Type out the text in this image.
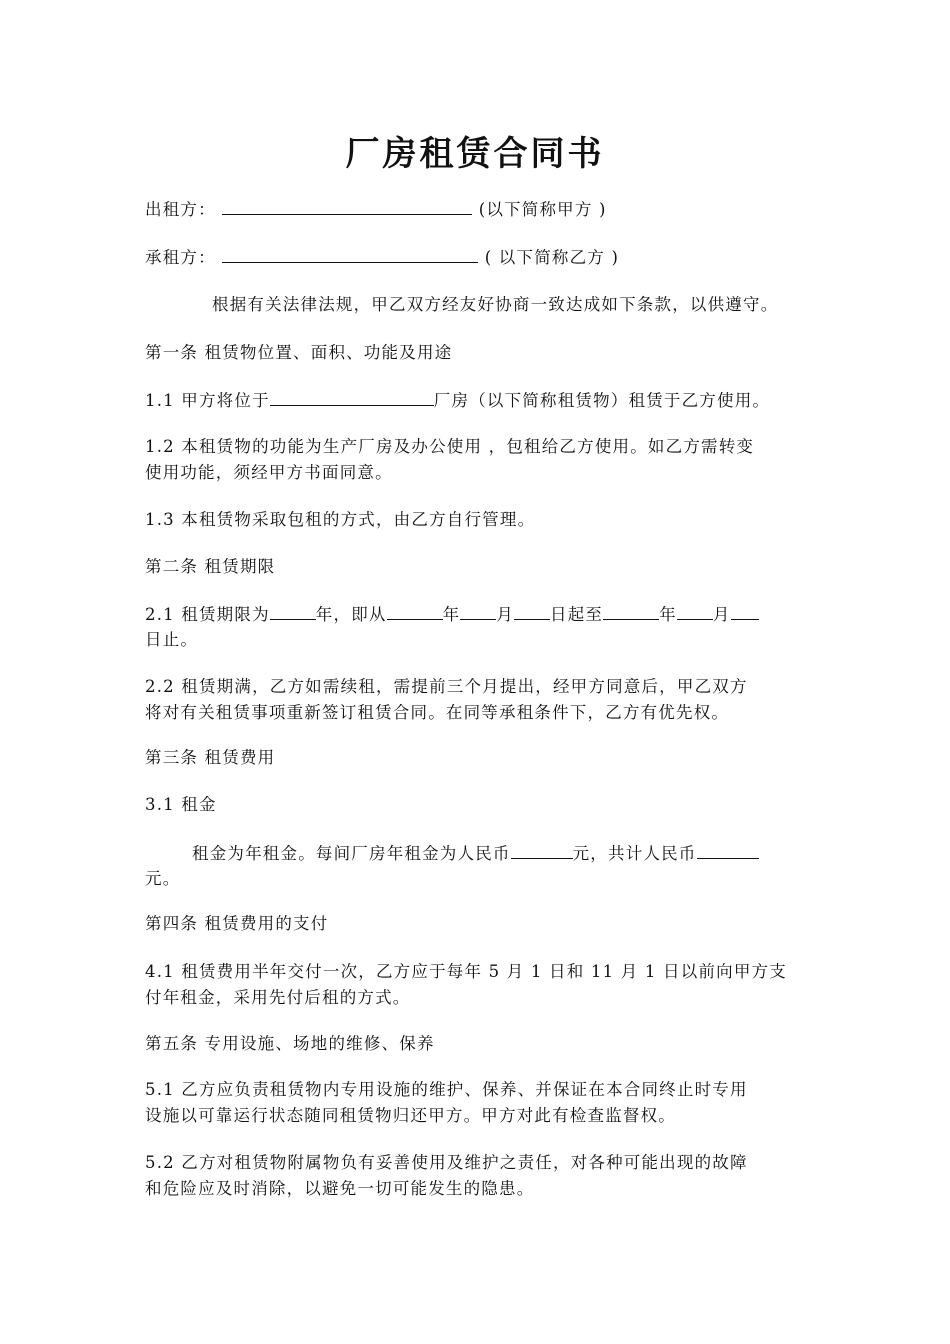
厂房租赁合同书
出租方：	(以下简称甲方 )
承租方：	( 以下简称乙方 )
根据有关法律法规，甲乙双方经友好协商一致达成如下条款，以供遵守。
第一条 租赁物位置、面积、功能及用途
1.1 甲方将位于	厂房（以下简称租赁物）租赁于乙方使用。
1.2 本租赁物的功能为生产厂房及办公使用 ，包租给乙方使用。如乙方需转变
使用功能，须经甲方书面同意。
1.3 本租赁物采取包租的方式，由乙方自行管理。
第二条 租赁期限
2.1 租赁期限为	年，即从	年 月 日起至	年 月
日止。
2.2 租赁期满，乙方如需续租，需提前三个月提出，经甲方同意后，甲乙双方
将对有关租赁事项重新签订租赁合同。在同等承租条件下，乙方有优先权。
第三条 租赁费用
3.1 租金
租金为年租金。每间厂房年租金为人民币	元，共计人民币
元。
第四条 租赁费用的支付
4.1 租赁费用半年交付一次，乙方应于每年 5 月 1 日和 11 月 1 日以前向甲方支
付年租金，采用先付后租的方式。
第五条 专用设施、场地的维修、保养
5.1 乙方应负责租赁物内专用设施的维护、保养、并保证在本合同终止时专用
设施以可靠运行状态随同租赁物归还甲方。甲方对此有检查监督权。
5.2 乙方对租赁物附属物负有妥善使用及维护之责任，对各种可能出现的故障
和危险应及时消除，以避免一切可能发生的隐患。
